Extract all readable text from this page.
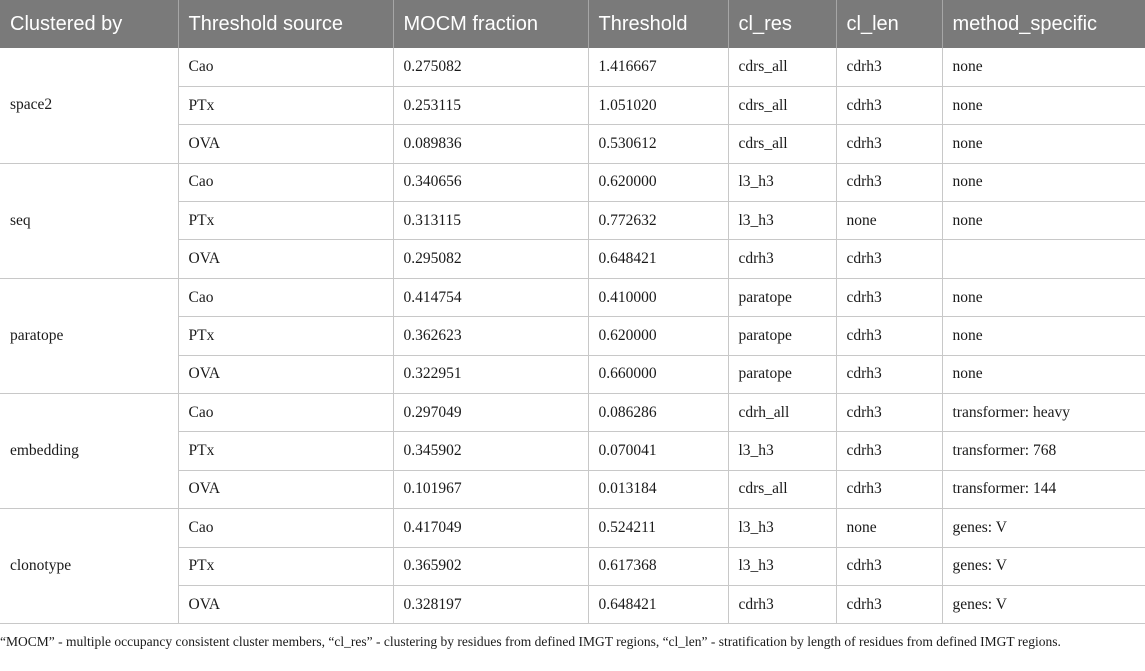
Clustered by	Threshold source	MOCM fraction	Threshold	cl_res	cl_len	method_specific
space2	Cao	0.275082	1.416667	cdrs_all	cdrh3	none
	PTx	0.253115	1.051020	cdrs_all	cdrh3	none
	OVA	0.089836	0.530612	cdrs_all	cdrh3	none
seq	Cao	0.340656	0.620000	l3_h3	cdrh3	none
	PTx	0.313115	0.772632	l3_h3	none	none
	OVA	0.295082	0.648421	cdrh3	cdrh3	
paratope	Cao	0.414754	0.410000	paratope	cdrh3	none
	PTx	0.362623	0.620000	paratope	cdrh3	none
	OVA	0.322951	0.660000	paratope	cdrh3	none
embedding	Cao	0.297049	0.086286	cdrh_all	cdrh3	transformer: heavy
	PTx	0.345902	0.070041	l3_h3	cdrh3	transformer: 768
	OVA	0.101967	0.013184	cdrs_all	cdrh3	transformer: 144
clonotype	Cao	0.417049	0.524211	l3_h3	none	genes: V
	PTx	0.365902	0.617368	l3_h3	cdrh3	genes: V
	OVA	0.328197	0.648421	cdrh3	cdrh3	genes: V

“MOCM” - multiple occupancy consistent cluster members, “cl_res” - clustering by residues from defined IMGT regions, “cl_len” - stratification by length of residues from defined IMGT regions.
